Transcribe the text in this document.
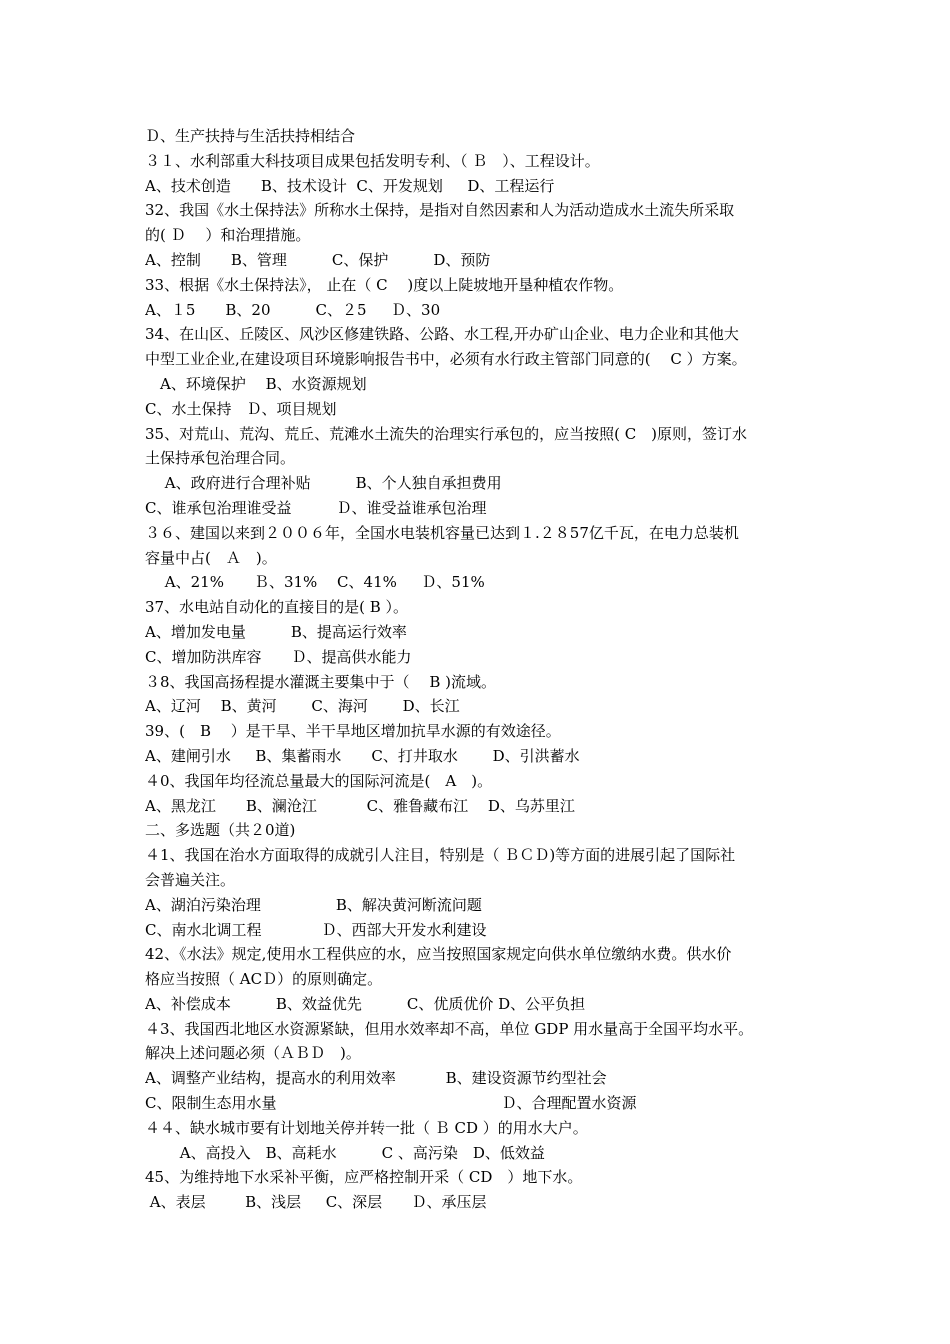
Ｄ、生产扶持与生活扶持相结合
３１、水利部重大科技项目成果包括发明专利、（ Ｂ　）、工程设计。
A、技术创造　　B、技术设计  C、开发规划　  D、工程运行
32、我国《水土保持法》所称水土保持，是指对自然因素和人为活动造成水土流失所采取
的( Ｄ　 ）和治理措施。
A、控制　　B、管理　　　C、保护　　　D、预防
33、根据《水土保持法》， 止在（ C　 )度以上陡坡地开垦种植农作物。
A、１5　　B、20　　　C、２5　  Ｄ、30
34、在山区、丘陵区、风沙区修建铁路、公路、水工程,开办矿山企业、电力企业和其他大
中型工业企业,在建设项目环境影响报告书中，必须有水行政主管部门同意的(　 C ）方案。
　A、环境保护　 B、水资源规划
C、水土保持　Ｄ、项目规划
35、对荒山、荒沟、荒丘、荒滩水土流失的治理实行承包的，应当按照( C　)原则，签订水
土保持承包治理合同。
　 A、政府进行合理补贴　　　B、个人独自承担费用
C、谁承包治理谁受益　　　Ｄ、谁受益谁承包治理
３６、建国以来到２００６年，全国水电装机容量已达到１.２８57亿千瓦，在电力总装机
容量中占(　Ａ　)。
　 A、21%　　Ｂ、31%　 C、41%　  Ｄ、51%
37、水电站自动化的直接目的是( B ）。
A、增加发电量　　　B、提高运行效率
C、增加防洪库容　　Ｄ、提高供水能力
３8、我国高扬程提水灌溉主要集中于（　 B )流域。
A、辽河　 B、黄河　　 C、海河　　 D、长江
39、(　B　 ）是干旱、半干旱地区增加抗旱水源的有效途径。
A、建闸引水　  B、集蓄雨水　　C、打井取水　　 D、引洪蓄水
４0、我国年均径流总量最大的国际河流是(　A　)。
A、黑龙江　　B、澜沧江　　　 C、雅鲁藏布江　 D、乌苏里江
二、多选题（共２0道)
４1、我国在治水方面取得的成就引人注目，特别是（ ＢＣＤ)等方面的进展引起了国际社
会普遍关注。
A、湖泊污染治理　　　　　B、解决黄河断流问题
C、南水北调工程　　　　Ｄ、西部大开发水利建设
42、《水法》规定,使用水工程供应的水，应当按照国家规定向供水单位缴纳水费。供水价
格应当按照（ ACＤ）的原则确定。
A、补偿成本　　　B、效益优先　　　C、优质优价 D、公平负担
４3、我国西北地区水资源紧缺，但用水效率却不高，单位 GDP 用水量高于全国平均水平。
解决上述问题必须（ＡＢＤ　)。
A、调整产业结构，提高水的利用效率　　　 B、建设资源节约型社会
C、限制生态用水量　　　　　　　　　　　　　　　Ｄ、合理配置水资源
４４、缺水城市要有计划地关停并转一批（ Ｂ CD ）的用水大户。
　　 A、高投入　B、高耗水　　　C 、高污染　D、低效益
45、为维持地下水采补平衡，应严格控制开采（ CD　）地下水。
A、表层　　  B、浅层　  C、深层　   Ｄ、承压层
